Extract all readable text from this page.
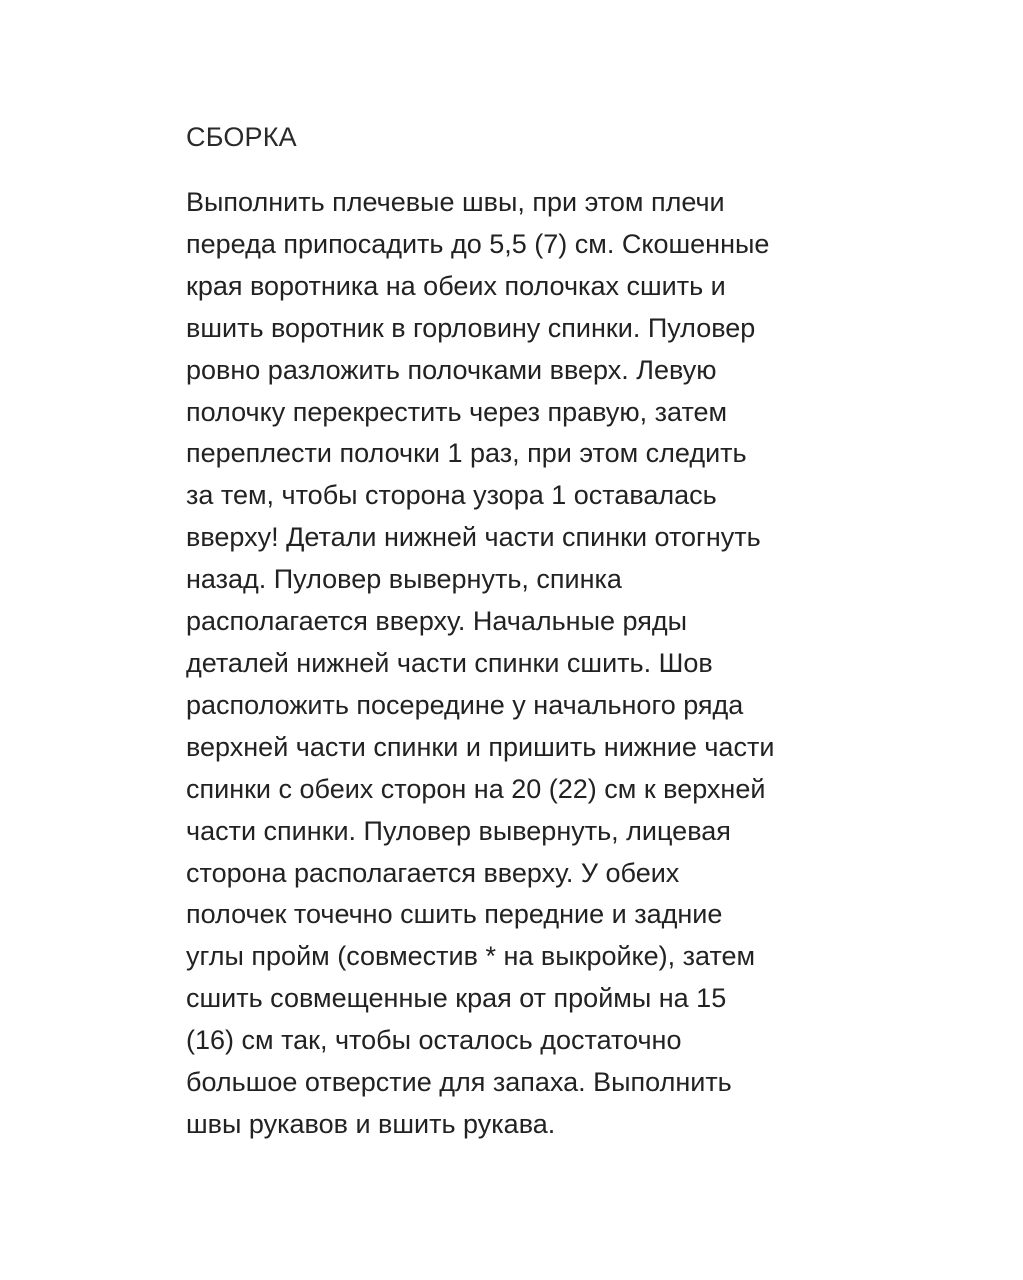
СБОРКА
Выполнить плечевые швы, при этом плечи
переда припосадить до 5,5 (7) см. Скошенные
края воротника на обеих полочках сшить и
вшить воротник в горловину спинки. Пуловер
ровно разложить полочками вверх. Левую
полочку перекрестить через правую, затем
переплести полочки 1 раз, при этом следить
за тем, чтобы сторона узора 1 оставалась
вверху! Детали нижней части спинки отогнуть
назад. Пуловер вывернуть, спинка
располагается вверху. Начальные ряды
деталей нижней части спинки сшить. Шов
расположить посередине у начального ряда
верхней части спинки и пришить нижние части
спинки с обеих сторон на 20 (22) см к верхней
части спинки. Пуловер вывернуть, лицевая
сторона располагается вверху. У обеих
полочек точечно сшить передние и задние
углы пройм (совместив * на выкройке), затем
сшить совмещенные края от проймы на 15
(16) см так, чтобы осталось достаточно
большое отверстие для запаха. Выполнить
швы рукавов и вшить рукава.
